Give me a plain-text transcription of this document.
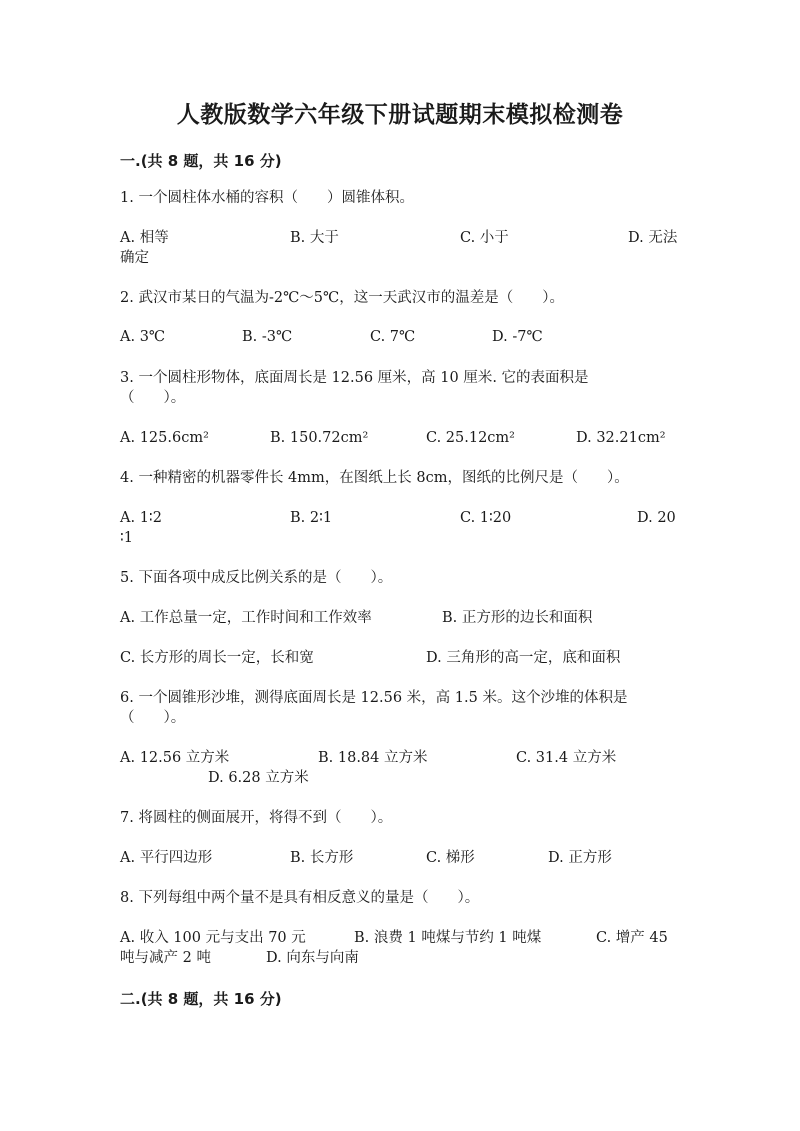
人教版数学六年级下册试题期末模拟检测卷
一.(共 8 题，共 16 分)
1. 一个圆柱体水桶的容积（　　）圆锥体积。
A. 相等	B. 大于	C. 小于	D. 无法
确定
2. 武汉市某日的气温为-2℃～5℃，这一天武汉市的温差是（　　）。
A. 3℃	B. -3℃	C. 7℃	D. -7℃
3. 一个圆柱形物体，底面周长是 12.56 厘米，高 10 厘米. 它的表面积是
（　　）。
A. 125.6cm²	B. 150.72cm²	C. 25.12cm²	D. 32.21cm²
4. 一种精密的机器零件长 4mm，在图纸上长 8cm，图纸的比例尺是（　　）。
A. 1∶2	B. 2∶1	C. 1∶20	D. 20
∶1
5. 下面各项中成反比例关系的是（　　）。
A. 工作总量一定，工作时间和工作效率	B. 正方形的边长和面积
C. 长方形的周长一定，长和宽	D. 三角形的高一定，底和面积
6. 一个圆锥形沙堆，测得底面周长是 12.56 米，高 1.5 米。这个沙堆的体积是
（　　）。
A. 12.56 立方米	B. 18.84 立方米	C. 31.4 立方米
D. 6.28 立方米
7. 将圆柱的侧面展开，将得不到（　　）。
A. 平行四边形	B. 长方形	C. 梯形	D. 正方形
8. 下列每组中两个量不是具有相反意义的量是（　　）。
A. 收入 100 元与支出 70 元	B. 浪费 1 吨煤与节约 1 吨煤	C. 增产 45
吨与减产 2 吨	D. 向东与向南
二.(共 8 题，共 16 分)
